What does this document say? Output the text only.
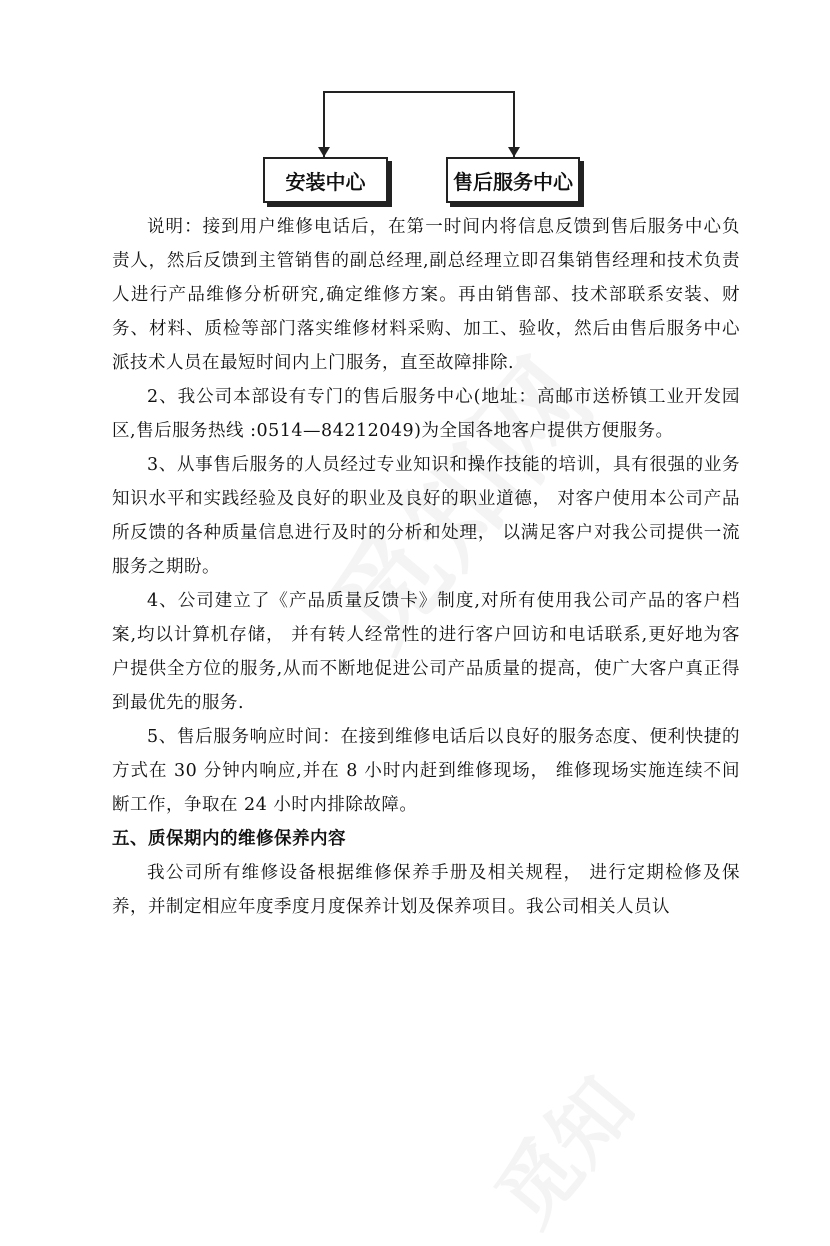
安装中心	售后服务中心

说明：接到用户维修电话后，在第一时间内将信息反馈到售后服务中心负责人，然后反馈到主管销售的副总经理,副总经理立即召集销售经理和技术负责人进行产品维修分析研究,确定维修方案。再由销售部、技术部联系安装、财务、材料、质检等部门落实维修材料采购、加工、验收，然后由售后服务中心派技术人员在最短时间内上门服务，直至故障排除.

2、我公司本部设有专门的售后服务中心(地址：高邮市送桥镇工业开发园区,售后服务热线 :0514—84212049)为全国各地客户提供方便服务。

3、从事售后服务的人员经过专业知识和操作技能的培训，具有很强的业务知识水平和实践经验及良好的职业及良好的职业道德， 对客户使用本公司产品所反馈的各种质量信息进行及时的分析和处理， 以满足客户对我公司提供一流服务之期盼。

4、公司建立了《产品质量反馈卡》制度,对所有使用我公司产品的客户档案,均以计算机存储， 并有转人经常性的进行客户回访和电话联系,更好地为客户提供全方位的服务,从而不断地促进公司产品质量的提高，使广大客户真正得到最优先的服务.

5、售后服务响应时间：在接到维修电话后以良好的服务态度、便利快捷的方式在 30 分钟内响应,并在 8 小时内赶到维修现场， 维修现场实施连续不间断工作，争取在 24 小时内排除故障。

五、质保期内的维修保养内容

我公司所有维修设备根据维修保养手册及相关规程， 进行定期检修及保养，并制定相应年度季度月度保养计划及保养项目。我公司相关人员认
